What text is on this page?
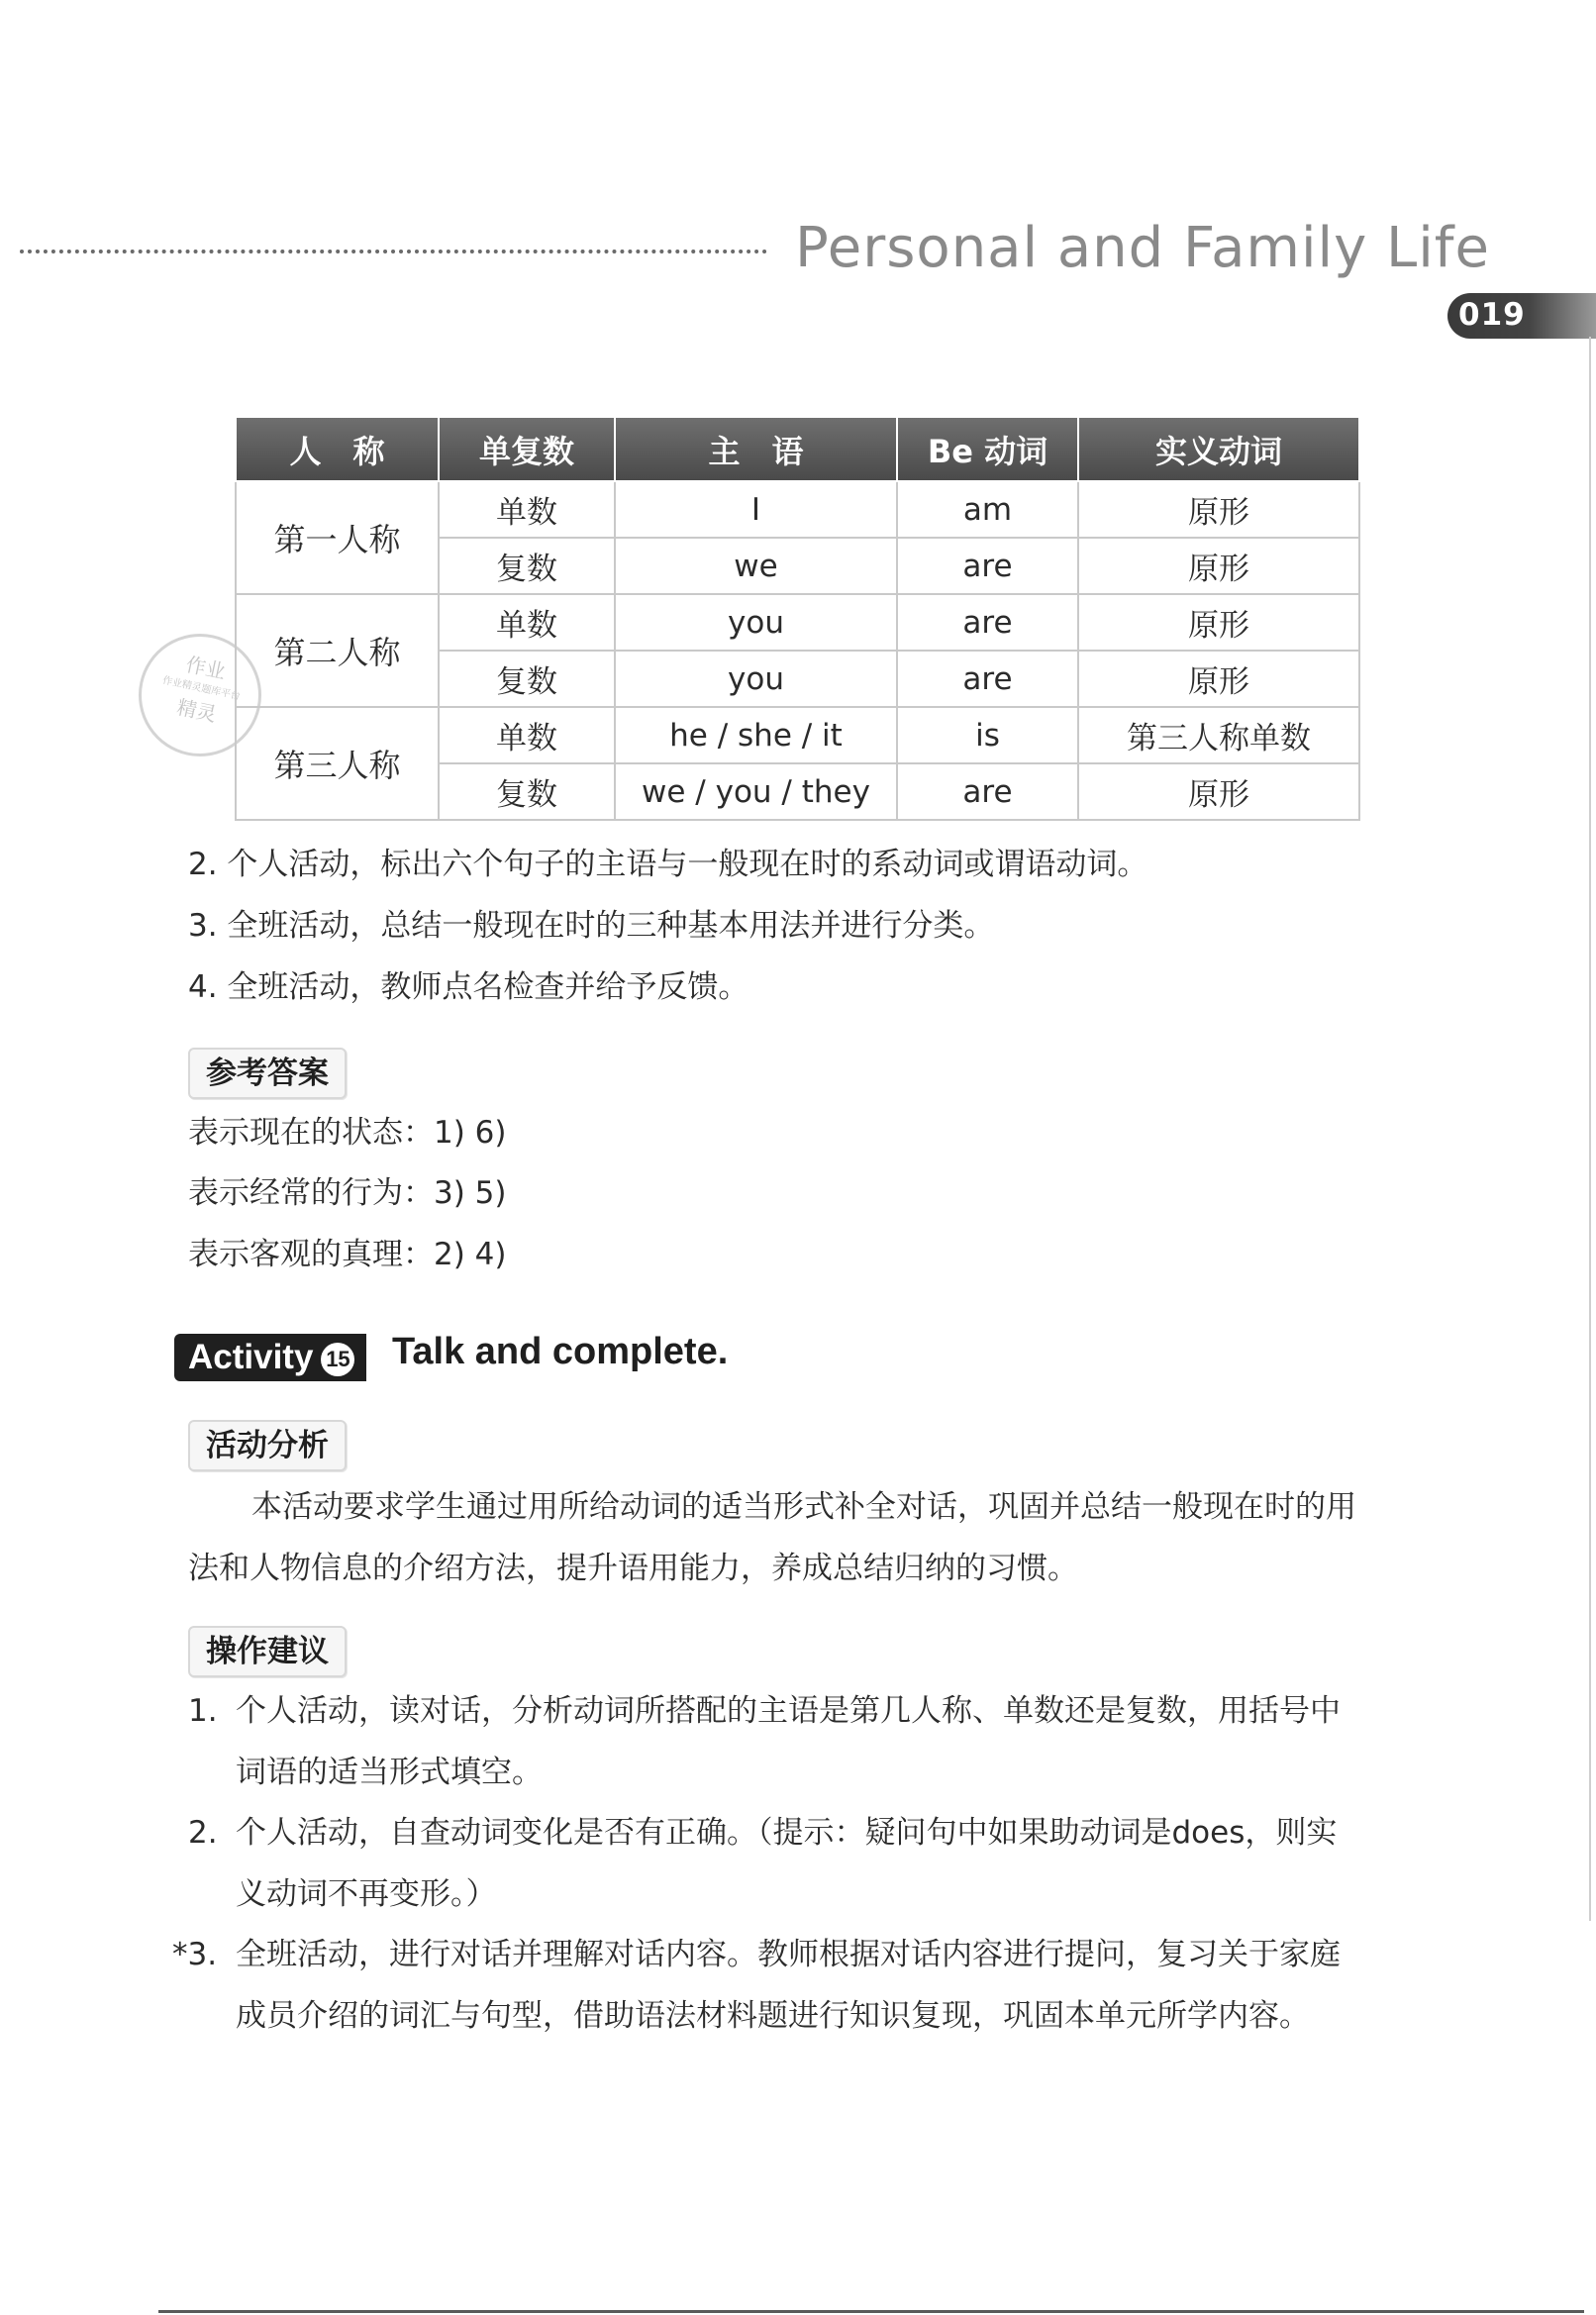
Personal and Family Life
019
作业
作业精灵题库平台
精灵
人　称	单复数	主　语	Be 动词	实义动词
第一人称	单数	I	am	原形
	复数	we	are	原形
第二人称	单数	you	are	原形
	复数	you	are	原形
第三人称	单数	he / she / it	is	第三人称单数
	复数	we / you / they	are	原形
2. 个人活动，标出六个句子的主语与一般现在时的系动词或谓语动词。
3. 全班活动，总结一般现在时的三种基本用法并进行分类。
4. 全班活动，教师点名检查并给予反馈。
参考答案
表示现在的状态：1) 6)
表示经常的行为：3) 5)
表示客观的真理：2) 4)
Activity 15	Talk and complete.
活动分析
本活动要求学生通过用所给动词的适当形式补全对话，巩固并总结一般现在时的用法和人物信息的介绍方法，提升语用能力，养成总结归纳的习惯。
操作建议
1. 个人活动，读对话，分析动词所搭配的主语是第几人称、单数还是复数，用括号中词语的适当形式填空。
2. 个人活动，自查动词变化是否有正确。（提示：疑问句中如果助动词是does，则实义动词不再变形。）
*3. 全班活动，进行对话并理解对话内容。教师根据对话内容进行提问，复习关于家庭成员介绍的词汇与句型，借助语法材料题进行知识复现，巩固本单元所学内容。
